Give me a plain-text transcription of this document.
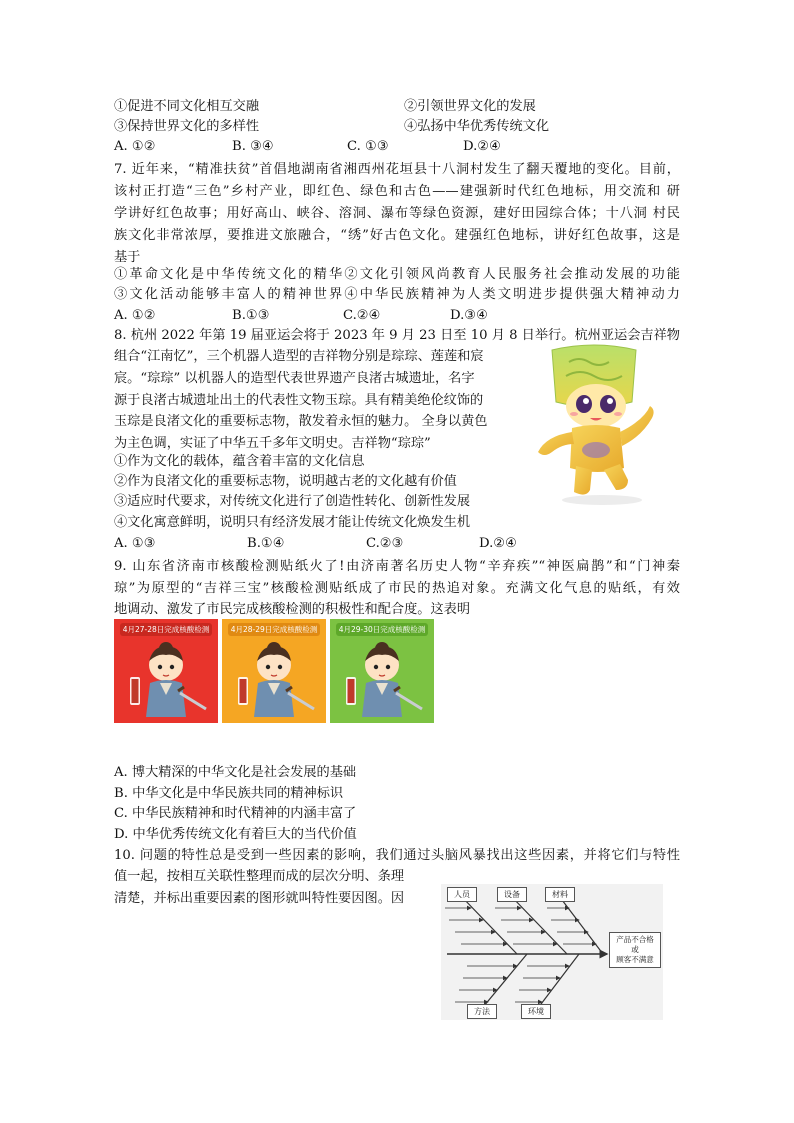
①促进不同文化相互交融	②引领世界文化的发展
③保持世界文化的多样性	④弘扬中华优秀传统文化
A. ①②	B. ③④	C. ①③	D.②④
7. 近年来，“精准扶贫”首倡地湖南省湘西州花垣县十八洞村发生了翻天覆地的变化。目前，
该村正打造“三色”乡村产业，即红色、绿色和古色——建强新时代红色地标，用交流和 研
学讲好红色故事；用好高山、峡谷、溶洞、瀑布等绿色资源，建好田园综合体；十八洞 村民
族文化非常浓厚，要推进文旅融合，“绣”好古色文化。建强红色地标，讲好红色故事，这是
基于
①革命文化是中华传统文化的精华②文化引领风尚教育人民服务社会推动发展的功能
③文化活动能够丰富人的精神世界④中华民族精神为人类文明进步提供强大精神动力
A. ①②	B.①③	C.②④	D.③④
8. 杭州 2022 年第 19 届亚运会将于 2023 年 9 月 23 日至 10 月 8 日举行。杭州亚运会吉祥物
组合“江南忆”，三个机器人造型的吉祥物分别是琮琮、莲莲和宸
宸。“琮琮” 以机器人的造型代表世界遗产良渚古城遗址，名字
源于良渚古城遗址出土的代表性文物玉琮。具有精美绝伦纹饰的
玉琮是良渚文化的重要标志物，散发着永恒的魅力。 全身以黄色
为主色调，实证了中华五千多年文明史。吉祥物“琮琮”
①作为文化的载体，蕴含着丰富的文化信息
②作为良渚文化的重要标志物，说明越古老的文化越有价值
③适应时代要求，对传统文化进行了创造性转化、创新性发展
④文化寓意鲜明，说明只有经济发展才能让传统文化焕发生机
A. ①③	B.①④	C.②③	D.②④
9. 山东省济南市核酸检测贴纸火了!由济南著名历史人物“辛弃疾”“神医扁鹊”和“门神秦
琼”为原型的“吉祥三宝”核酸检测贴纸成了市民的热追对象。充满文化气息的贴纸，有效
地调动、激发了市民完成核酸检测的积极性和配合度。这表明
4月27-28日完成核酸检测	4月28-29日完成核酸检测	4月29-30日完成核酸检测
A. 博大精深的中华文化是社会发展的基础
B. 中华文化是中华民族共同的精神标识
C. 中华民族精神和时代精神的内涵丰富了
D. 中华优秀传统文化有着巨大的当代价值
10. 问题的特性总是受到一些因素的影响，我们通过头脑风暴找出这些因素，并将它们与特性
值一起，按相互关联性整理而成的层次分明、条理
清楚，并标出重要因素的图形就叫特性要因图。因	人员	设备	材料
方法	环境
产品不合格
或
顾客不满意
